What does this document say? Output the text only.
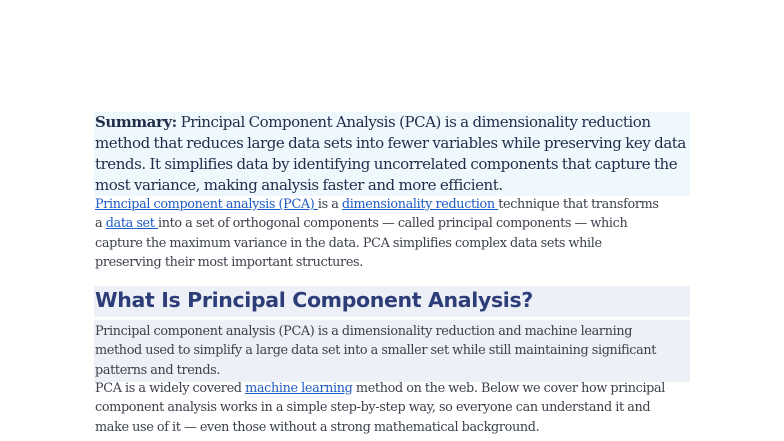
Summary: Principal Component Analysis (PCA) is a dimensionality reduction
method that reduces large data sets into fewer variables while preserving key data
trends. It simplifies data by identifying uncorrelated components that capture the
most variance, making analysis faster and more efficient.

Principal component analysis (PCA) is a dimensionality reduction technique that transforms
a data set into a set of orthogonal components — called principal components — which
capture the maximum variance in the data. PCA simplifies complex data sets while
preserving their most important structures.

What Is Principal Component Analysis?

Principal component analysis (PCA) is a dimensionality reduction and machine learning
method used to simplify a large data set into a smaller set while still maintaining significant
patterns and trends.

PCA is a widely covered machine learning method on the web. Below we cover how principal
component analysis works in a simple step-by-step way, so everyone can understand it and
make use of it — even those without a strong mathematical background.
